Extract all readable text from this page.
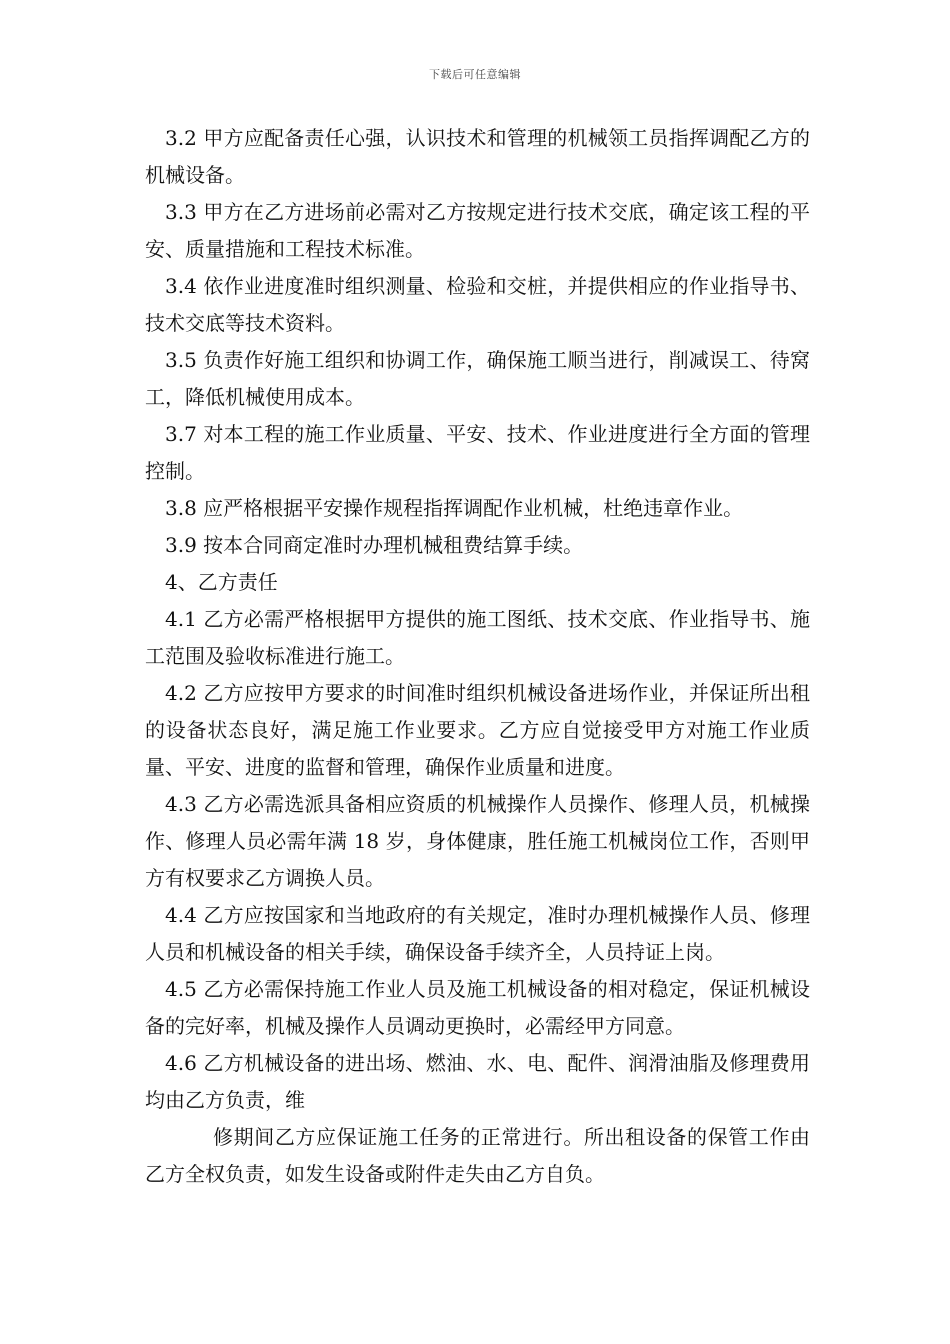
下载后可任意编辑

3.2 甲方应配备责任心强，认识技术和管理的机械领工员指挥调配乙方的机械设备。

3.3 甲方在乙方进场前必需对乙方按规定进行技术交底，确定该工程的平安、质量措施和工程技术标准。

3.4 依作业进度准时组织测量、检验和交桩，并提供相应的作业指导书、技术交底等技术资料。

3.5 负责作好施工组织和协调工作，确保施工顺当进行，削减误工、待窝工，降低机械使用成本。

3.7 对本工程的施工作业质量、平安、技术、作业进度进行全方面的管理控制。

3.8 应严格根据平安操作规程指挥调配作业机械，杜绝违章作业。

3.9 按本合同商定准时办理机械租费结算手续。

4、乙方责任

4.1 乙方必需严格根据甲方提供的施工图纸、技术交底、作业指导书、施工范围及验收标准进行施工。

4.2 乙方应按甲方要求的时间准时组织机械设备进场作业，并保证所出租的设备状态良好，满足施工作业要求。乙方应自觉接受甲方对施工作业质量、平安、进度的监督和管理，确保作业质量和进度。

4.3 乙方必需选派具备相应资质的机械操作人员操作、修理人员，机械操作、修理人员必需年满 18 岁，身体健康，胜任施工机械岗位工作，否则甲方有权要求乙方调换人员。

4.4 乙方应按国家和当地政府的有关规定，准时办理机械操作人员、修理人员和机械设备的相关手续，确保设备手续齐全，人员持证上岗。

4.5 乙方必需保持施工作业人员及施工机械设备的相对稳定，保证机械设备的完好率，机械及操作人员调动更换时，必需经甲方同意。

4.6 乙方机械设备的进出场、燃油、水、电、配件、润滑油脂及修理费用均由乙方负责，维

修期间乙方应保证施工任务的正常进行。所出租设备的保管工作由乙方全权负责，如发生设备或附件走失由乙方自负。
